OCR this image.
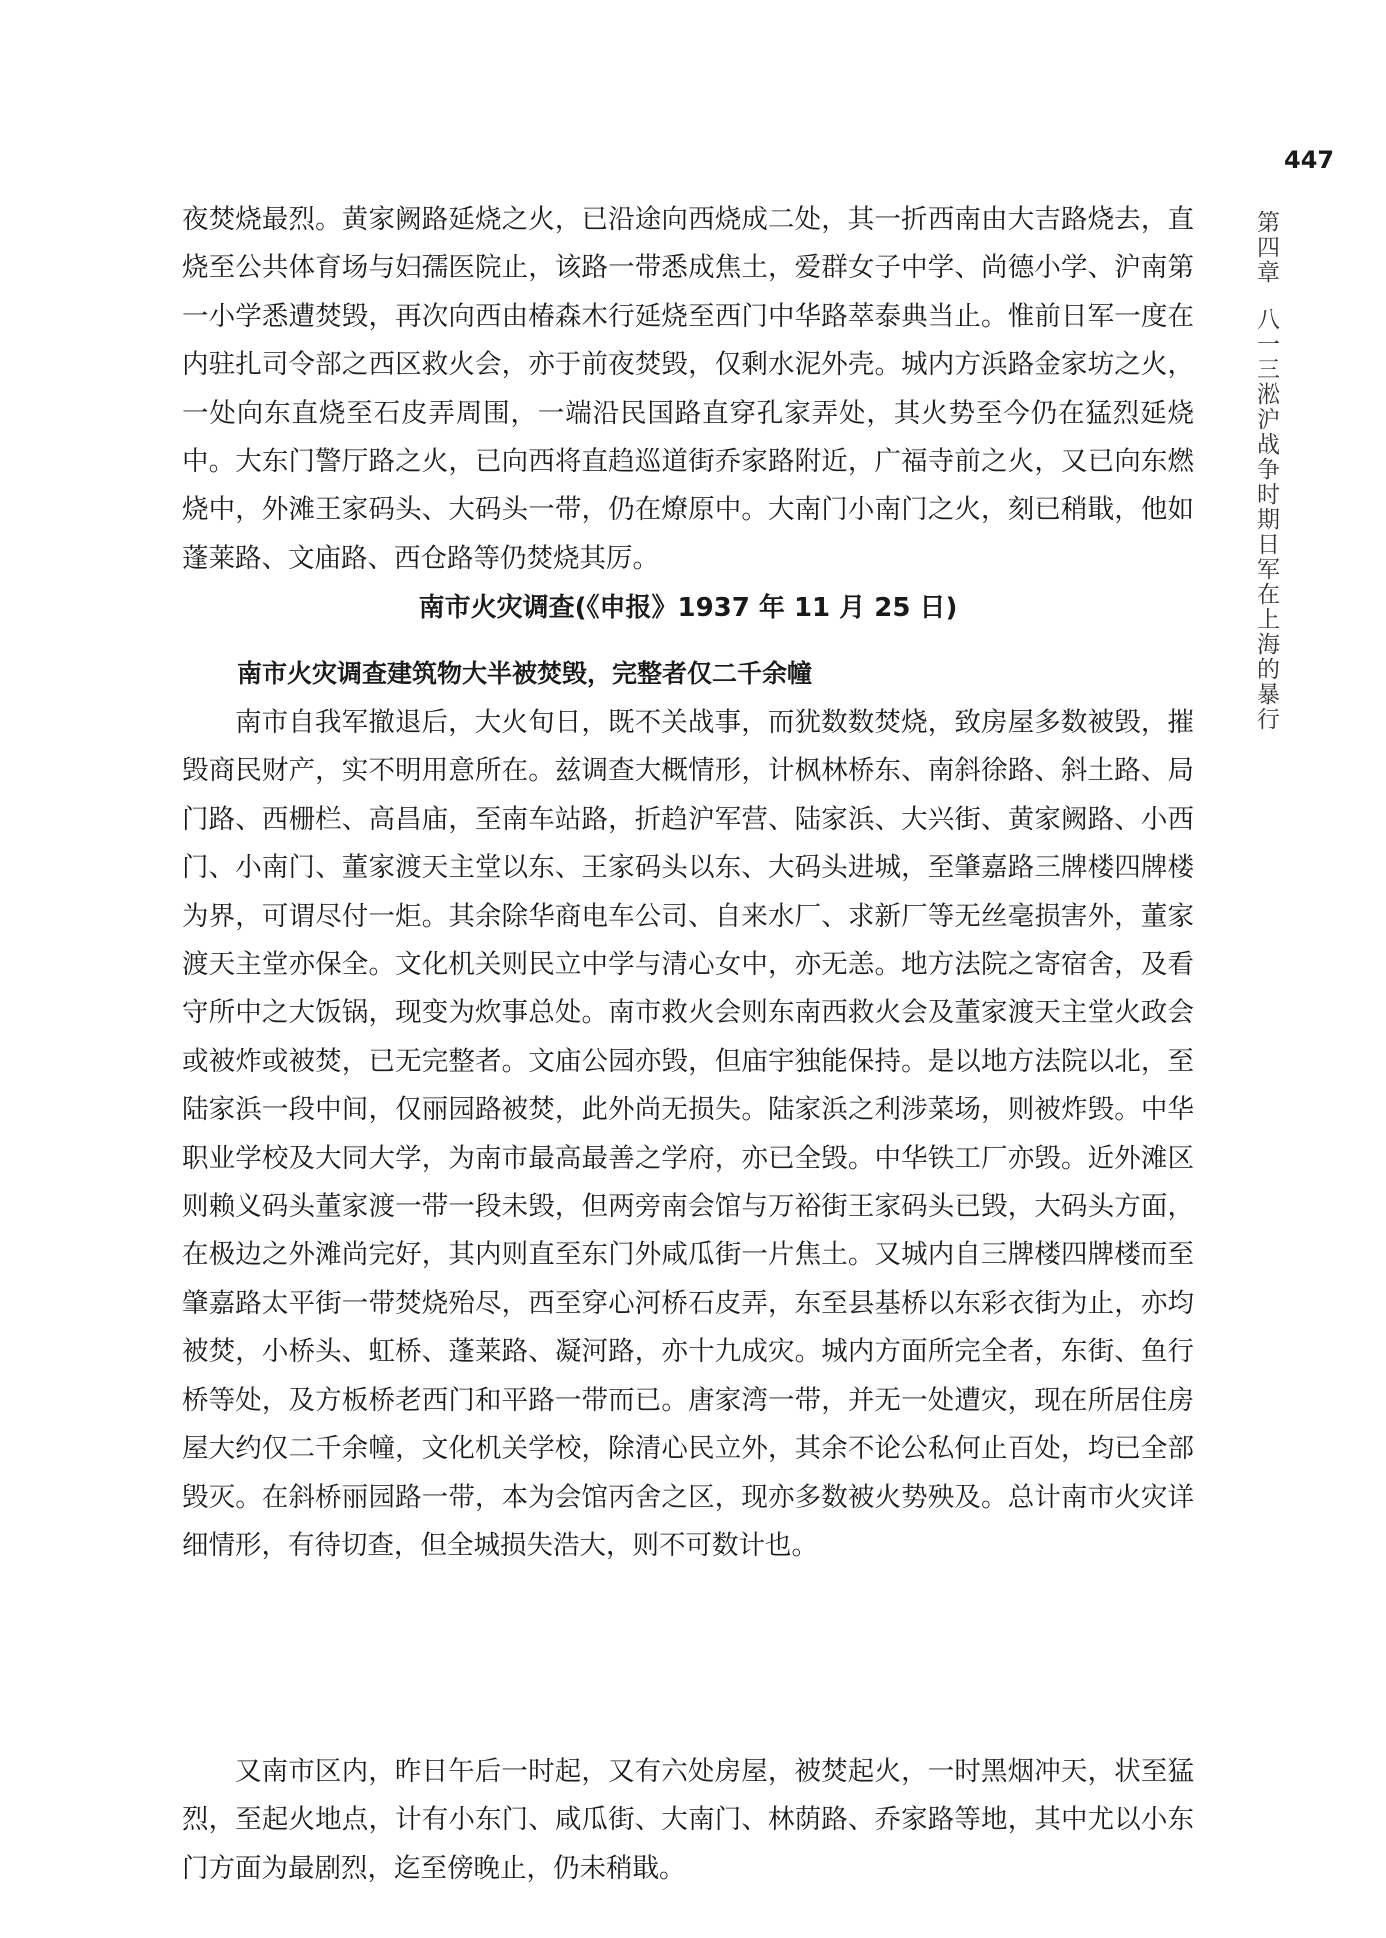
447
第四章八一三淞沪战争时期日军在上海的暴行

夜焚烧最烈。黄家阙路延烧之火，已沿途向西烧成二处，其一折西南由大吉路烧去，直烧至公共体育场与妇孺医院止，该路一带悉成焦土，爱群女子中学、尚德小学、沪南第一小学悉遭焚毁，再次向西由椿森木行延烧至西门中华路萃泰典当止。惟前日军一度在内驻扎司令部之西区救火会，亦于前夜焚毁，仅剩水泥外壳。城内方浜路金家坊之火，一处向东直烧至石皮弄周围，一端沿民国路直穿孔家弄处，其火势至今仍在猛烈延烧中。大东门警厅路之火，已向西将直趋巡道街乔家路附近，广福寺前之火，又已向东燃烧中，外滩王家码头、大码头一带，仍在燎原中。大南门小南门之火，刻已稍戢，他如蓬莱路、文庙路、西仓路等仍焚烧其厉。

南市火灾调查(《申报》1937 年 11 月 25 日)
南市火灾调查建筑物大半被焚毁，完整者仅二千余幢

南市自我军撤退后，大火旬日，既不关战事，而犹数数焚烧，致房屋多数被毁，摧毁商民财产，实不明用意所在。兹调查大概情形，计枫林桥东、南斜徐路、斜土路、局门路、西栅栏、高昌庙，至南车站路，折趋沪军营、陆家浜、大兴街、黄家阙路、小西门、小南门、董家渡天主堂以东、王家码头以东、大码头进城，至肇嘉路三牌楼四牌楼为界，可谓尽付一炬。其余除华商电车公司、自来水厂、求新厂等无丝毫损害外，董家渡天主堂亦保全。文化机关则民立中学与清心女中，亦无恙。地方法院之寄宿舍，及看守所中之大饭锅，现变为炊事总处。南市救火会则东南西救火会及董家渡天主堂火政会或被炸或被焚，已无完整者。文庙公园亦毁，但庙宇独能保持。是以地方法院以北，至陆家浜一段中间，仅丽园路被焚，此外尚无损失。陆家浜之利涉菜场，则被炸毁。中华职业学校及大同大学，为南市最高最善之学府，亦已全毁。中华铁工厂亦毁。近外滩区则赖义码头董家渡一带一段未毁，但两旁南会馆与万裕街王家码头已毁，大码头方面，在极边之外滩尚完好，其内则直至东门外咸瓜街一片焦土。又城内自三牌楼四牌楼而至肇嘉路太平街一带焚烧殆尽，西至穿心河桥石皮弄，东至县基桥以东彩衣街为止，亦均被焚，小桥头、虹桥、蓬莱路、凝河路，亦十九成灾。城内方面所完全者，东街、鱼行桥等处，及方板桥老西门和平路一带而已。唐家湾一带，并无一处遭灾，现在所居住房屋大约仅二千余幢，文化机关学校，除清心民立外，其余不论公私何止百处，均已全部毁灭。在斜桥丽园路一带，本为会馆丙舍之区，现亦多数被火势殃及。总计南市火灾详细情形，有待切查，但全城损失浩大，则不可数计也。

又南市区内，昨日午后一时起，又有六处房屋，被焚起火，一时黑烟冲天，状至猛烈，至起火地点，计有小东门、咸瓜街、大南门、林荫路、乔家路等地，其中尤以小东门方面为最剧烈，迄至傍晚止，仍未稍戢。
